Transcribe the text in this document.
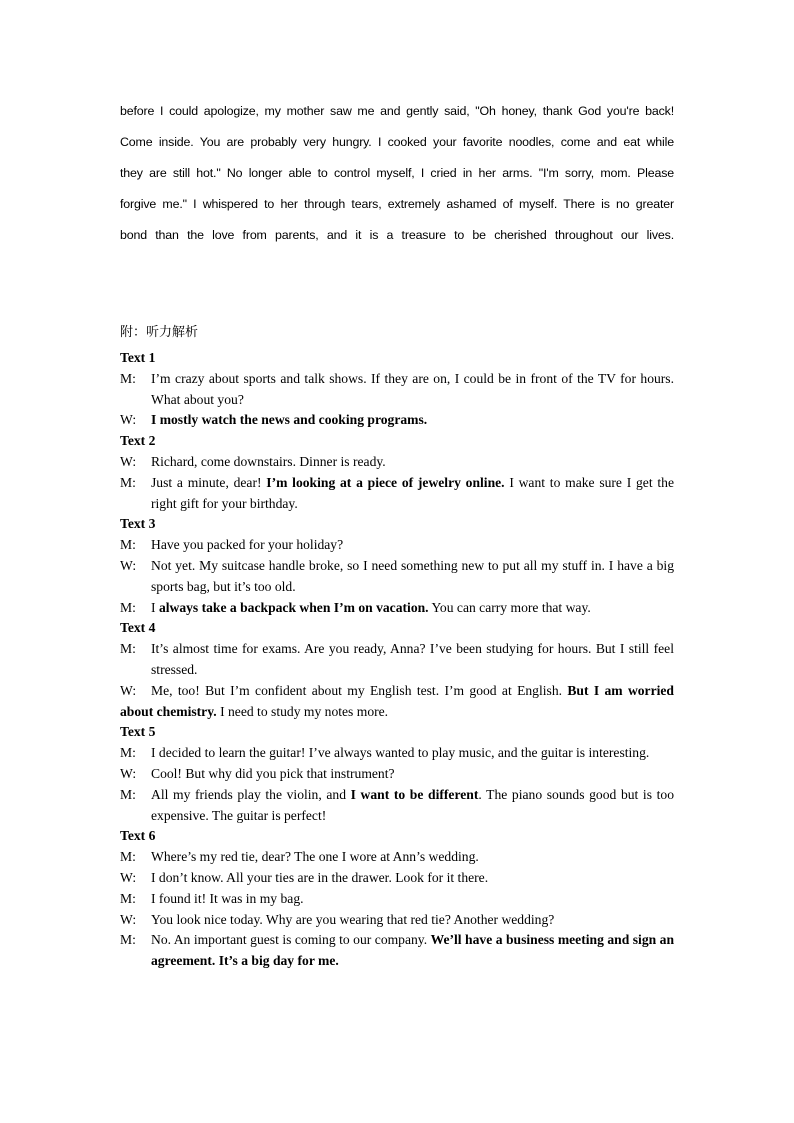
before I could apologize, my mother saw me and gently said, "Oh honey, thank God you're back!
Come inside. You are probably very hungry. I cooked your favorite noodles, come and eat while
they are still hot." No longer able to control myself, I cried in her arms. "I'm sorry, mom. Please
forgive me." I whispered to her through tears, extremely ashamed of myself. There is no greater
bond than the love from parents, and it is a treasure to be cherished throughout our lives.
附：听力解析
Text 1
M: I’m crazy about sports and talk shows. If they are on, I could be in front of the TV for hours. What about you?
W: I mostly watch the news and cooking programs.
Text 2
W: Richard, come downstairs. Dinner is ready.
M: Just a minute, dear! I’m looking at a piece of jewelry online. I want to make sure I get the right gift for your birthday.
Text 3
M: Have you packed for your holiday?
W: Not yet. My suitcase handle broke, so I need something new to put all my stuff in. I have a big sports bag, but it’s too old.
M: I always take a backpack when I’m on vacation. You can carry more that way.
Text 4
M: It’s almost time for exams. Are you ready, Anna? I’ve been studying for hours. But I still feel stressed.
W: Me, too! But I’m confident about my English test. I’m good at English. But I am worried about chemistry. I need to study my notes more.
Text 5
M: I decided to learn the guitar! I’ve always wanted to play music, and the guitar is interesting.
W: Cool! But why did you pick that instrument?
M: All my friends play the violin, and I want to be different. The piano sounds good but is too expensive. The guitar is perfect!
Text 6
M: Where’s my red tie, dear? The one I wore at Ann’s wedding.
W: I don’t know. All your ties are in the drawer. Look for it there.
M: I found it! It was in my bag.
W: You look nice today. Why are you wearing that red tie? Another wedding?
M: No. An important guest is coming to our company. We’ll have a business meeting and sign an agreement. It’s a big day for me.
